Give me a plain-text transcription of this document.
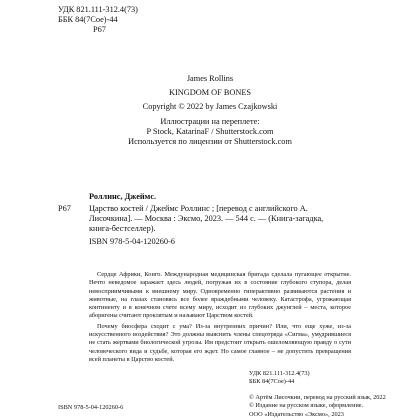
УДК 821.111-312.4(73)
ББК 84(7Сое)-44
Р67
James Rollins
KINGDOM OF BONES
Copyright © 2022 by James Czajkowski
Иллюстрации на переплете:
P Stock, KatarinaF / Shutterstock.com
Используется по лицензии от Shutterstock.com
Роллинс, Джеймс.
Р67 Царство костей / Джеймс Роллинс ; [перевод с английского А. Лисочкина]. — Москва : Эксмо, 2023. — 544 с. — (Книга-загадка, книга-бестселлер).
ISBN 978-5-04-120260-6
Сердце Африки, Конго. Международная медицинская бригада сделала пугающее открытие. Нечто неведомое заражает здесь людей, погружая их в состояние глубокого ступора, делая невосприимчивыми к внешнему миру. Одновременно гиперактивно развиваются растения и животные, на глазах становясь все более враждебными человеку. Катастрофа, угрожающая континенту и в конечном счете всему миру, исходит из глубоких джунглей – места, которое аборигены считают проклятым и называют Царством костей.
Почему биосфера сходит с ума? Из-за внутренних причин? Или, что еще хуже, из-за искусственного воздействия? Это должны выяснить члены спецотряда «Сигма», умудрившиеся не стать жертвами биологической угрозы. Им предстоит открыть ошеломляющую правду о сути человеческого вида и судьбе, которая его ждет. Но самое главное – не допустить превращения всей планеты в Царство костей.
УДК 821.111-312.4(73)
ББК 84(7Сое)-44
ISBN 978-5-04-120260-6
© Артём Лисочкин, перевод на русский язык, 2022
© Издание на русском языке, оформление.
ООО «Издательство «Эксмо», 2023
